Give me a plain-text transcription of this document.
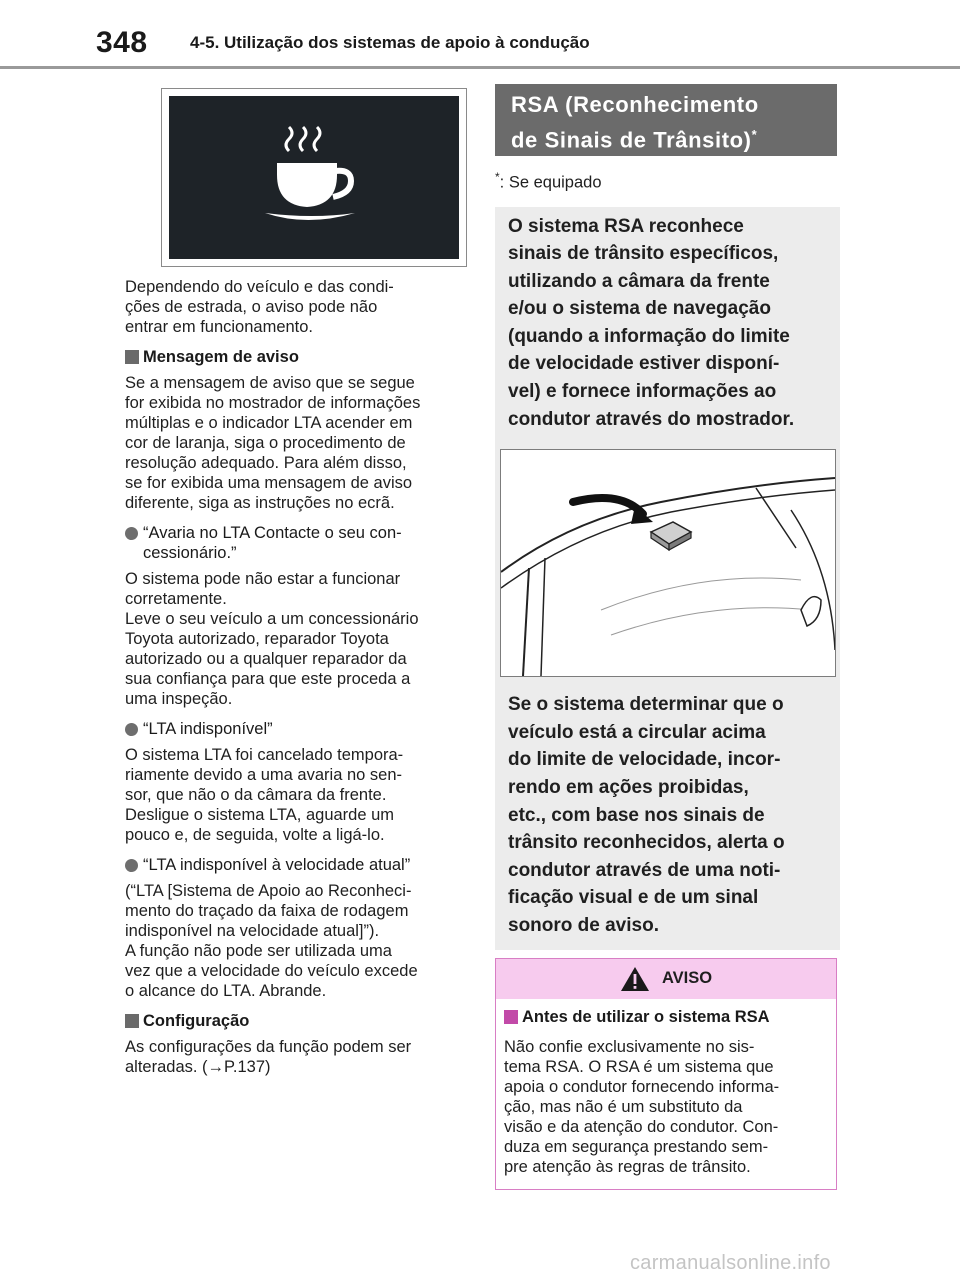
348 4-5. Utilização dos sistemas de apoio à condução
Dependendo do veículo e das condi-
ções de estrada, o aviso pode não
entrar em funcionamento.
Mensagem de aviso
Se a mensagem de aviso que se segue
for exibida no mostrador de informações
múltiplas e o indicador LTA acender em
cor de laranja, siga o procedimento de
resolução adequado. Para além disso,
se for exibida uma mensagem de aviso
diferente, siga as instruções no ecrã.
“Avaria no LTA Contacte o seu con-
cessionário.”
O sistema pode não estar a funcionar
corretamente.
Leve o seu veículo a um concessionário
Toyota autorizado, reparador Toyota
autorizado ou a qualquer reparador da
sua confiança para que este proceda a
uma inspeção.
“LTA indisponível”
O sistema LTA foi cancelado tempora-
riamente devido a uma avaria no sen-
sor, que não o da câmara da frente.
Desligue o sistema LTA, aguarde um
pouco e, de seguida, volte a ligá-lo.
“LTA indisponível à velocidade atual”
(“LTA [Sistema de Apoio ao Reconheci-
mento do traçado da faixa de rodagem
indisponível na velocidade atual]”).
A função não pode ser utilizada uma
vez que a velocidade do veículo excede
o alcance do LTA. Abrande.
Configuração
As configurações da função podem ser
alteradas. (→P.137)
RSA (Reconhecimento
de Sinais de Trânsito)*
*: Se equipado
O sistema RSA reconhece
sinais de trânsito específicos,
utilizando a câmara da frente
e/ou o sistema de navegação
(quando a informação do limite
de velocidade estiver disponí-
vel) e fornece informações ao
condutor através do mostrador.
Se o sistema determinar que o
veículo está a circular acima
do limite de velocidade, incor-
rendo em ações proibidas,
etc., com base nos sinais de
trânsito reconhecidos, alerta o
condutor através de uma noti-
ficação visual e de um sinal
sonoro de aviso.
AVISO
Antes de utilizar o sistema RSA
Não confie exclusivamente no sis-
tema RSA. O RSA é um sistema que
apoia o condutor fornecendo informa-
ção, mas não é um substituto da
visão e da atenção do condutor. Con-
duza em segurança prestando sem-
pre atenção às regras de trânsito.
carmanualsonline.info
